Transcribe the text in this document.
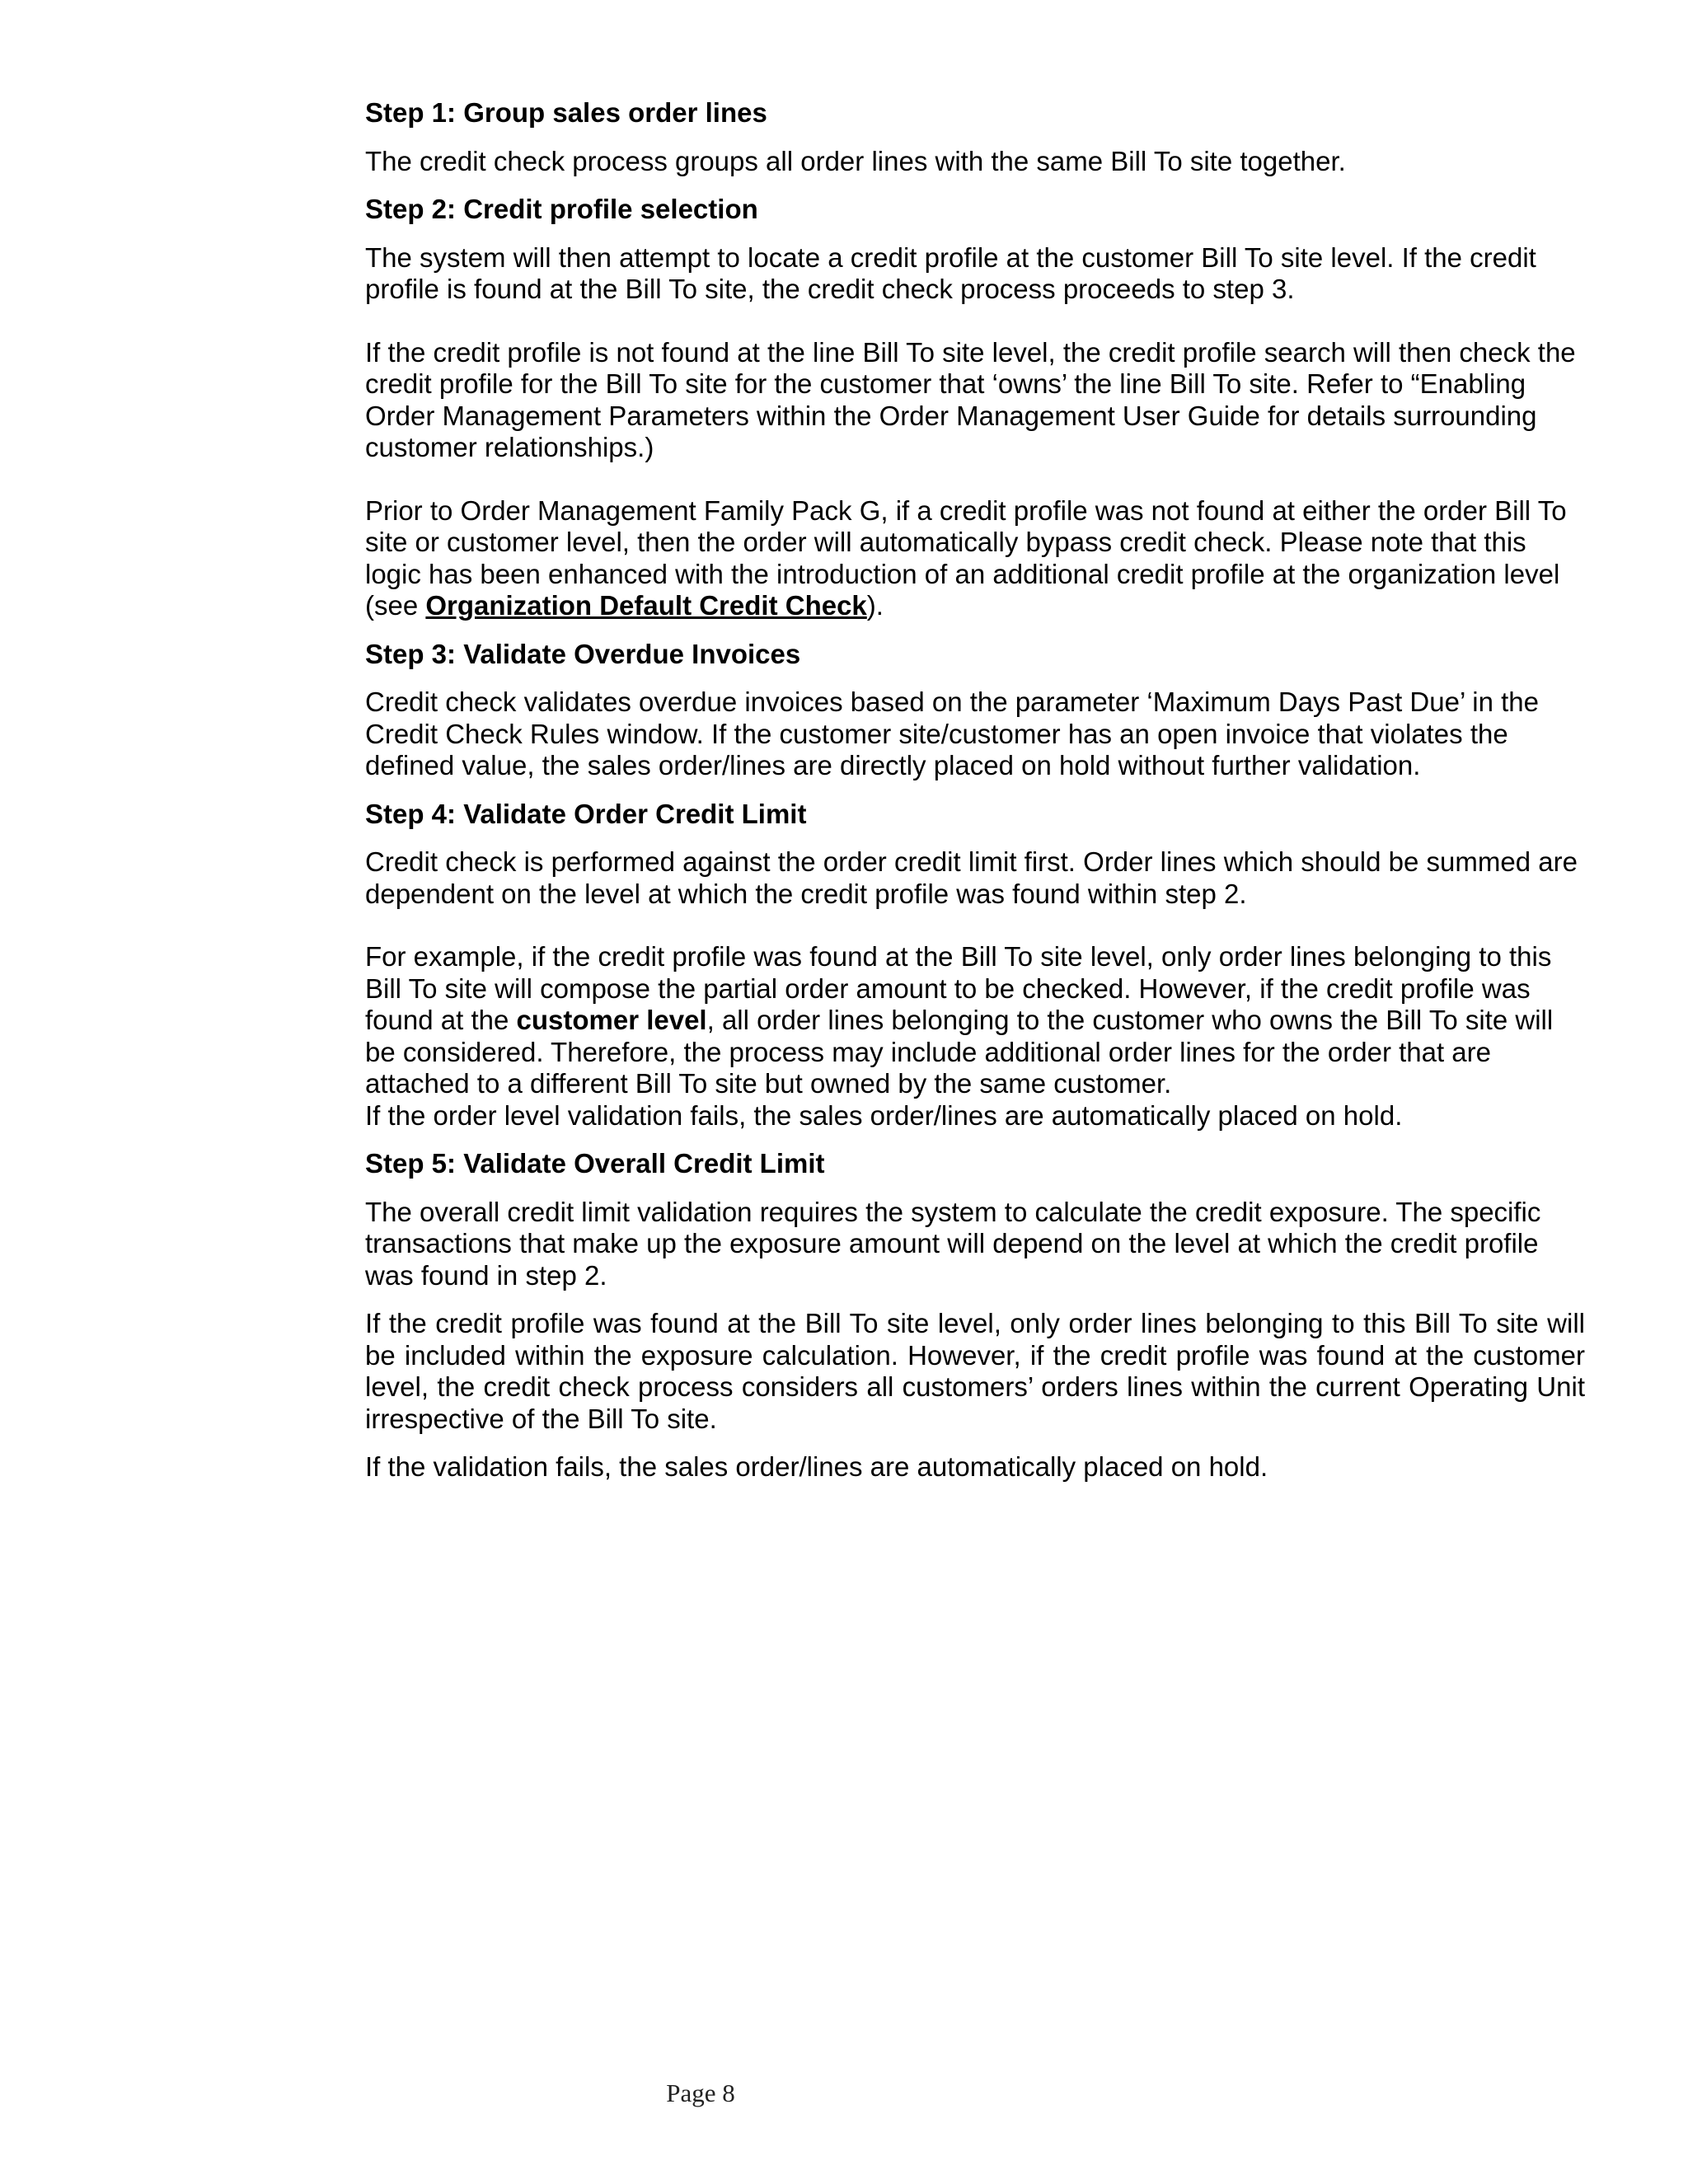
Step 1: Group sales order lines
The credit check process groups all order lines with the same Bill To site together.
Step 2: Credit profile selection
The system will then attempt to locate a credit profile at the customer Bill To site level. If the credit profile is found at the Bill To site, the credit check process proceeds to step 3.
If the credit profile is not found at the line Bill To site level, the credit profile search will then check the credit profile for the Bill To site for the customer that ‘owns’ the line Bill To site. Refer to “Enabling Order Management Parameters within the Order Management User Guide for details surrounding customer relationships.)
Prior to Order Management Family Pack G, if a credit profile was not found at either the order Bill To site or customer level, then the order will automatically bypass credit check. Please note that this logic has been enhanced with the introduction of an additional credit profile at the organization level (see Organization Default Credit Check).
Step 3: Validate Overdue Invoices
Credit check validates overdue invoices based on the parameter ‘Maximum Days Past Due’ in the Credit Check Rules window. If the customer site/customer has an open invoice that violates the defined value, the sales order/lines are directly placed on hold without further validation.
Step 4: Validate Order Credit Limit
Credit check is performed against the order credit limit first. Order lines which should be summed are dependent on the level at which the credit profile was found within step 2.
For example, if the credit profile was found at the Bill To site level, only order lines belonging to this Bill To site will compose the partial order amount to be checked. However, if the credit profile was found at the customer level, all order lines belonging to the customer who owns the Bill To site will be considered. Therefore, the process may include additional order lines for the order that are attached to a different Bill To site but owned by the same customer.
If the order level validation fails, the sales order/lines are automatically placed on hold.
Step 5: Validate Overall Credit Limit
The overall credit limit validation requires the system to calculate the credit exposure. The specific transactions that make up the exposure amount will depend on the level at which the credit profile was found in step 2.
If the credit profile was found at the Bill To site level, only order lines belonging to this Bill To site will be included within the exposure calculation. However, if the credit profile was found at the customer level, the credit check process considers all customers’ orders lines within the current Operating Unit irrespective of the Bill To site.
If the validation fails, the sales order/lines are automatically placed on hold.
Page 8
